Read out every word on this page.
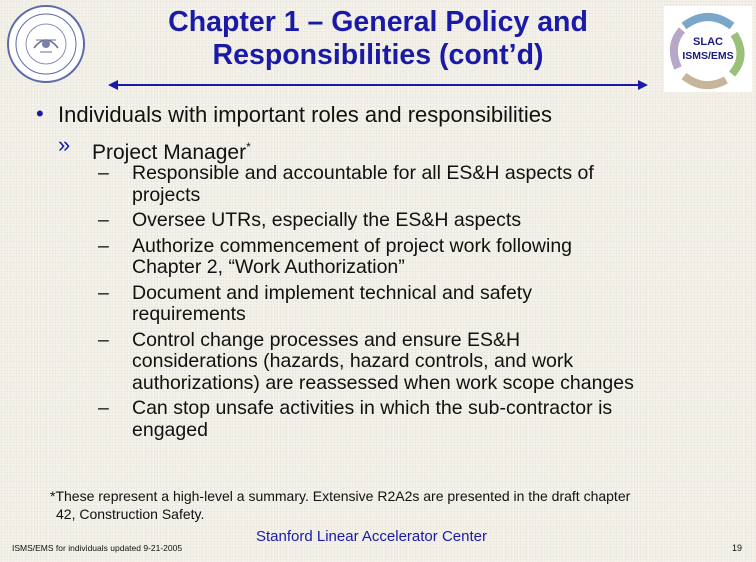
SLAC
ISMS/EMS
Chapter 1 – General Policy and
Responsibilities (cont’d)
• Individuals with important roles and responsibilities
» Project Manager*
– Responsible and accountable for all ES&H aspects of
projects
– Oversee UTRs, especially the ES&H aspects
– Authorize commencement of project work following
Chapter 2, “Work Authorization”
– Document and implement technical and safety
requirements
– Control change processes and ensure ES&H
considerations (hazards, hazard controls, and work
authorizations) are reassessed when work scope changes
– Can stop unsafe activities in which the sub-contractor is
engaged
*These represent a high-level a summary. Extensive R2A2s are presented in the draft chapter
42, Construction Safety.
ISMS/EMS for individuals updated 9-21-2005
Stanford Linear Accelerator Center
19
